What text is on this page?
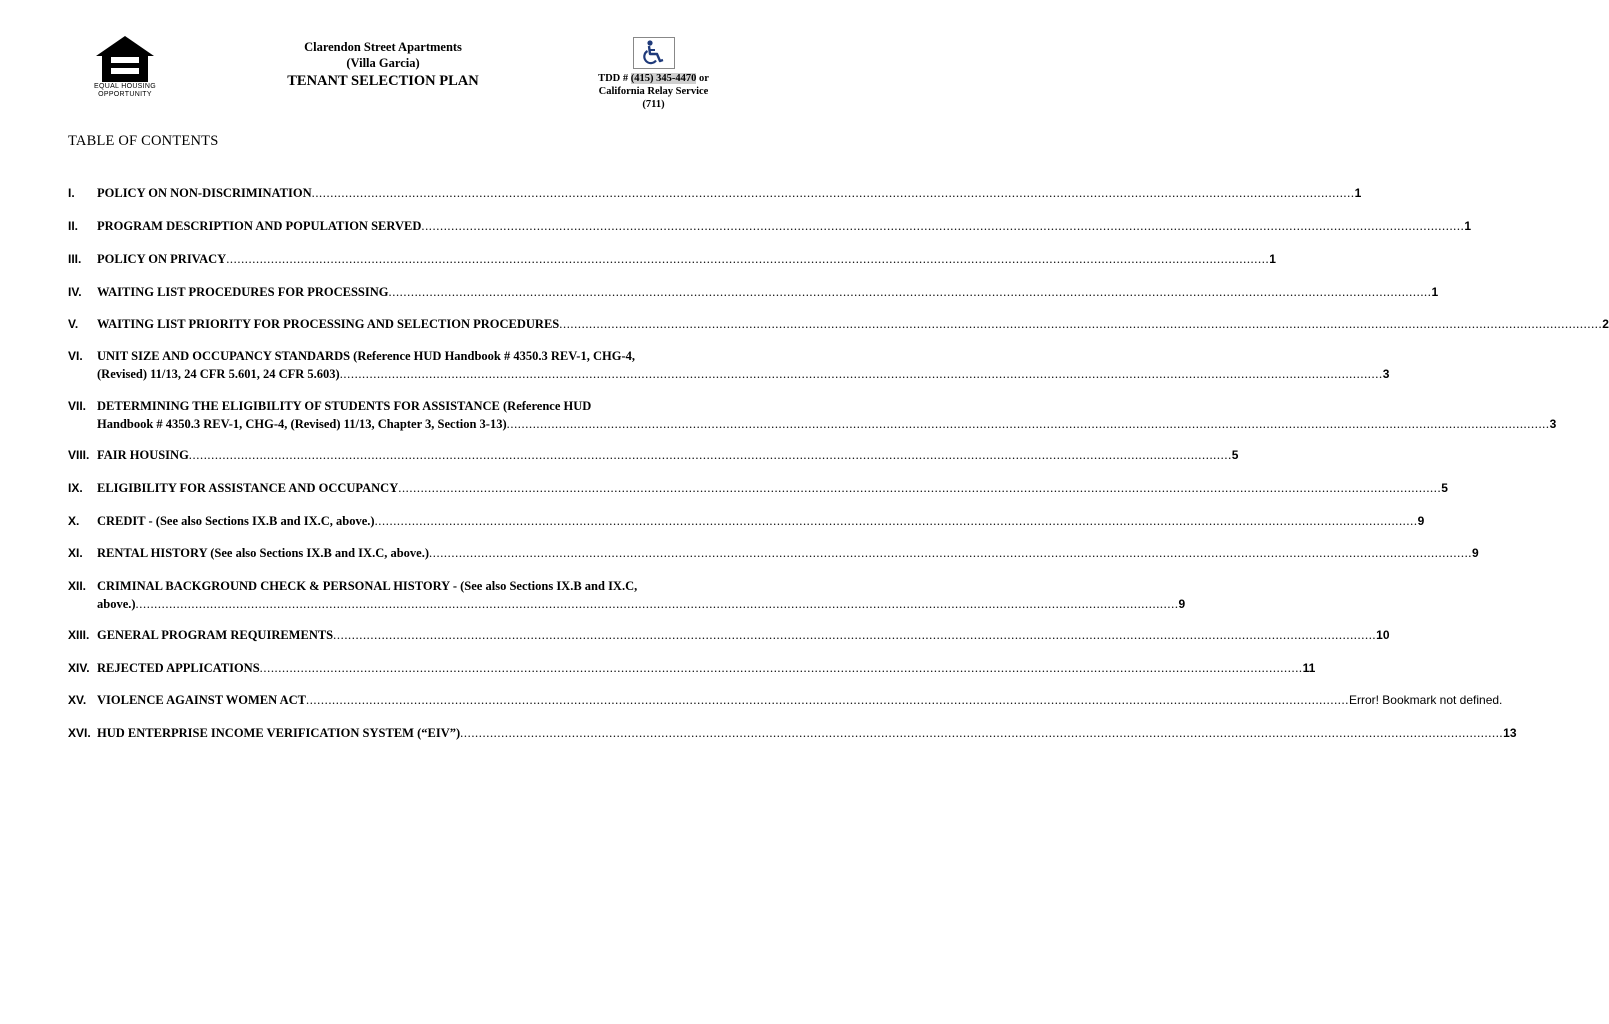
EQUAL HOUSING
OPPORTUNITY
Clarendon Street Apartments
(Villa Garcia)
TENANT SELECTION PLAN	TDD # (415) 345-4470 or
California Relay Service
(711)
TABLE OF CONTENTS
I. POLICY ON NON-DISCRIMINATION ........................................................................................................................................................................................................................................................................................ 1
II. PROGRAM DESCRIPTION AND POPULATION SERVED ........................................................................................................................................................................................................................................................................................ 1
III. POLICY ON PRIVACY ........................................................................................................................................................................................................................................................................................ 1
IV. WAITING LIST PROCEDURES FOR PROCESSING ........................................................................................................................................................................................................................................................................................ 1
V. WAITING LIST PRIORITY FOR PROCESSING AND SELECTION PROCEDURES ........................................................................................................................................................................................................................................................................................ 2
VI. UNIT SIZE AND OCCUPANCY STANDARDS (Reference HUD Handbook # 4350.3 REV-1, CHG-4,
(Revised) 11/13, 24 CFR 5.601, 24 CFR 5.603) ........................................................................................................................................................................................................................................................................................ 3
VII. DETERMINING THE ELIGIBILITY OF STUDENTS FOR ASSISTANCE (Reference HUD
Handbook # 4350.3 REV-1, CHG-4, (Revised) 11/13, Chapter 3, Section 3-13) ........................................................................................................................................................................................................................................................................................ 3
VIII. FAIR HOUSING ........................................................................................................................................................................................................................................................................................ 5
IX. ELIGIBILITY FOR ASSISTANCE AND OCCUPANCY ........................................................................................................................................................................................................................................................................................ 5
X. CREDIT - (See also Sections IX.B and IX.C, above.) ........................................................................................................................................................................................................................................................................................ 9
XI. RENTAL HISTORY (See also Sections IX.B and IX.C, above.) ........................................................................................................................................................................................................................................................................................ 9
XII. CRIMINAL BACKGROUND CHECK & PERSONAL HISTORY - (See also Sections IX.B and IX.C,
above.) ........................................................................................................................................................................................................................................................................................ 9
XIII. GENERAL PROGRAM REQUIREMENTS ........................................................................................................................................................................................................................................................................................ 10
XIV. REJECTED APPLICATIONS ........................................................................................................................................................................................................................................................................................ 11
XV. VIOLENCE AGAINST WOMEN ACT ........................................................................................................................................................................................................................................................................................ Error! Bookmark not defined.
XVI. HUD ENTERPRISE INCOME VERIFICATION SYSTEM (“EIV”) ........................................................................................................................................................................................................................................................................................ 13
